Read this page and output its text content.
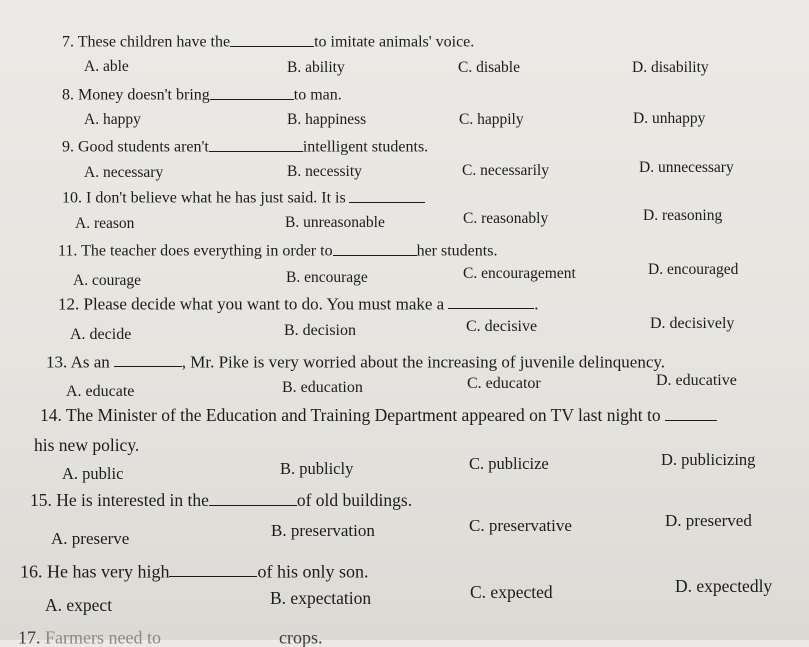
7. These children have the	to imitate animals' voice.
A. able	B. ability	C. disable	D. disability
8. Money doesn't bring	to man.
A. happy	B. happiness	C. happily	D. unhappy
9. Good students aren't	intelligent students.
A. necessary	B. necessity	C. necessarily	D. unnecessary
10. I don't believe what he has just said. It is
A. reason	B. unreasonable	C. reasonably	D. reasoning
11. The teacher does everything in order to	her students.
A. courage	B. encourage	C. encouragement	D. encouraged
12. Please decide what you want to do. You must make a	.
A. decide	B. decision	C. decisive	D. decisively
13. As an	, Mr. Pike is very worried about the increasing of juvenile delinquency.
A. educate	B. education	C. educator	D. educative
14. The Minister of the Education and Training Department appeared on TV last night to
his new policy.
A. public	B. publicly	C. publicize	D. publicizing
15. He is interested in the	of old buildings.
A. preserve	B. preservation	C. preservative	D. preserved
16. He has very high	of his only son.
A. expect	B. expectation	C. expected	D. expectedly
17. Farmers need to	crops.
